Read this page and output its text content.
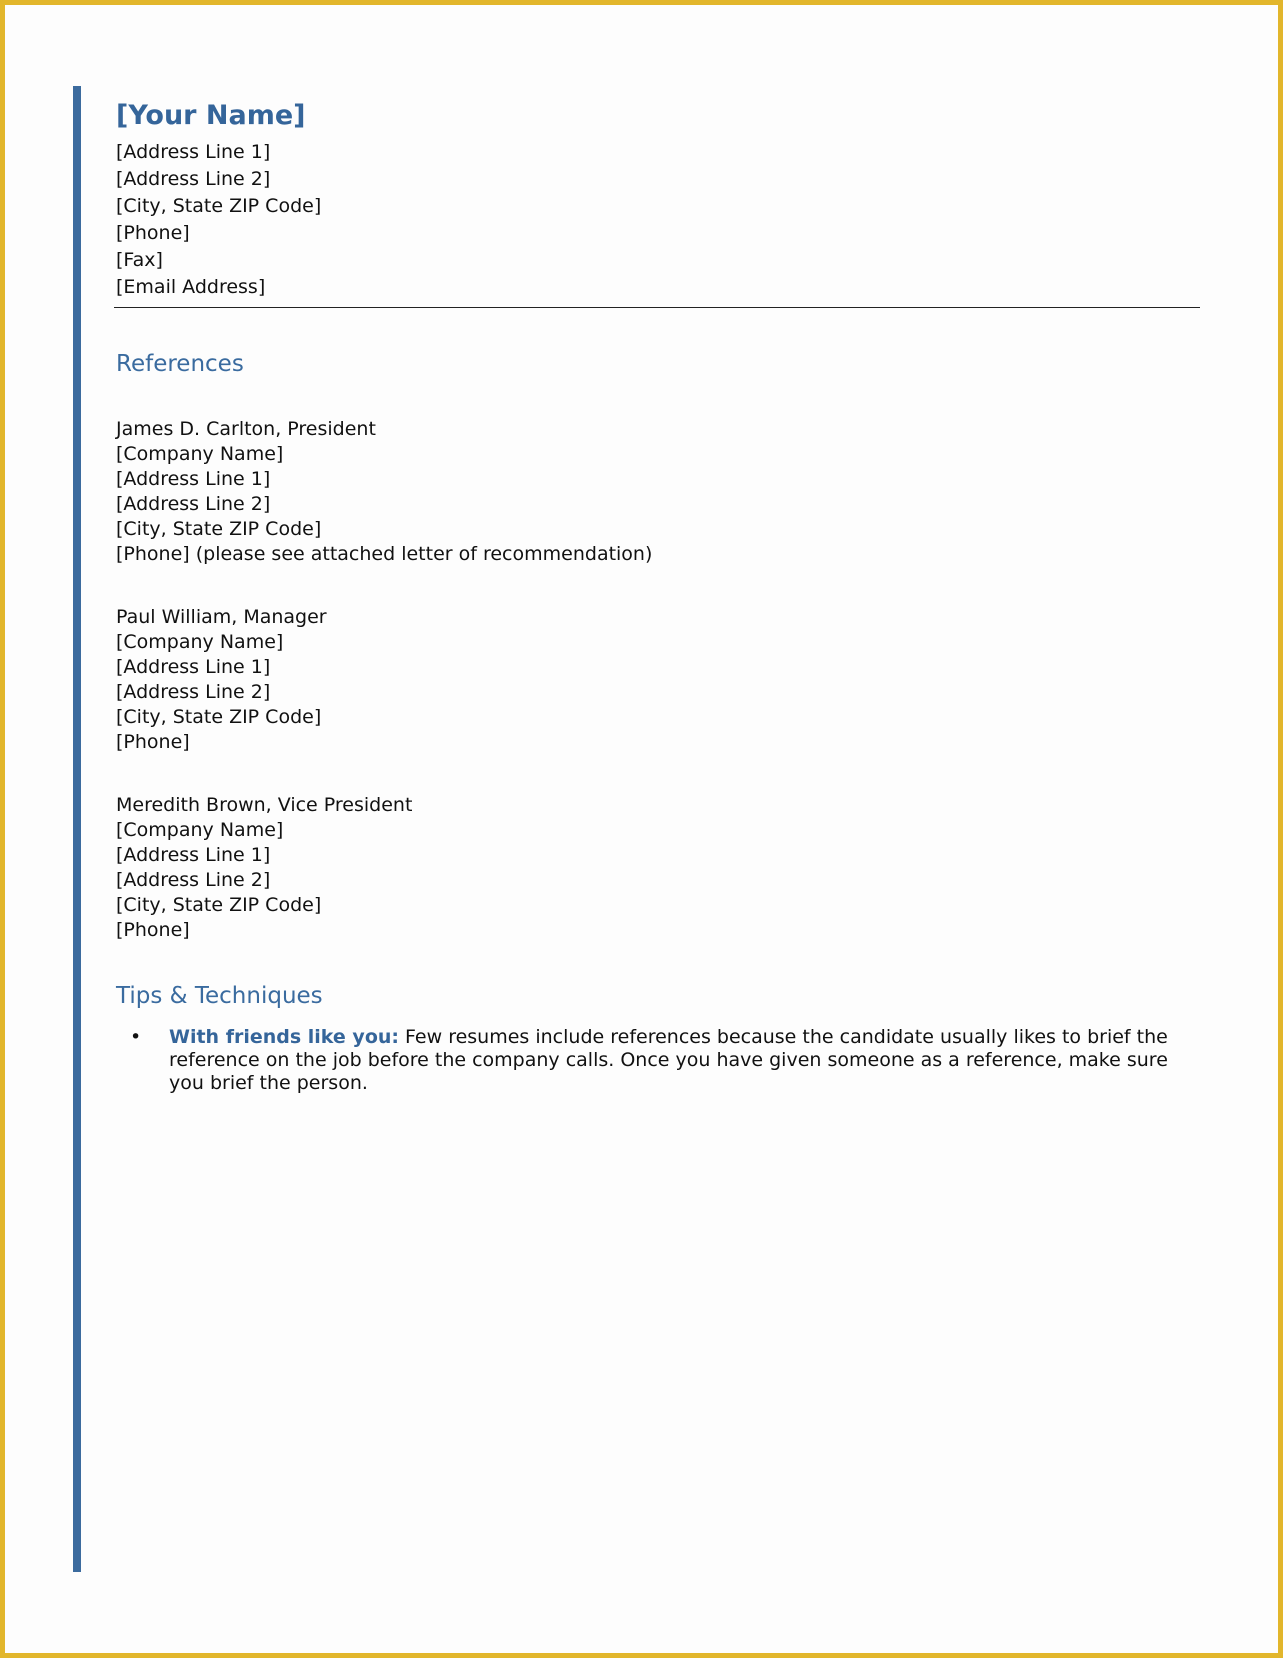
[Your Name]

[Address Line 1]

[Address Line 2]

[City, State ZIP Code]

[Phone]

[Fax]

[Email Address]

References

James D. Carlton, President

[Company Name]

[Address Line 1]

[Address Line 2]

[City, State ZIP Code]

[Phone] (please see attached letter of recommendation)

Paul William, Manager

[Company Name]

[Address Line 1]

[Address Line 2]

[City, State ZIP Code]

[Phone]

Meredith Brown, Vice President

[Company Name]

[Address Line 1]

[Address Line 2]

[City, State ZIP Code]

[Phone]

Tips & Techniques
•	With friends like you: Few resumes include references because the candidate usually likes to brief the reference on the job before the company calls. Once you have given someone as a reference, make sure you brief the person.
